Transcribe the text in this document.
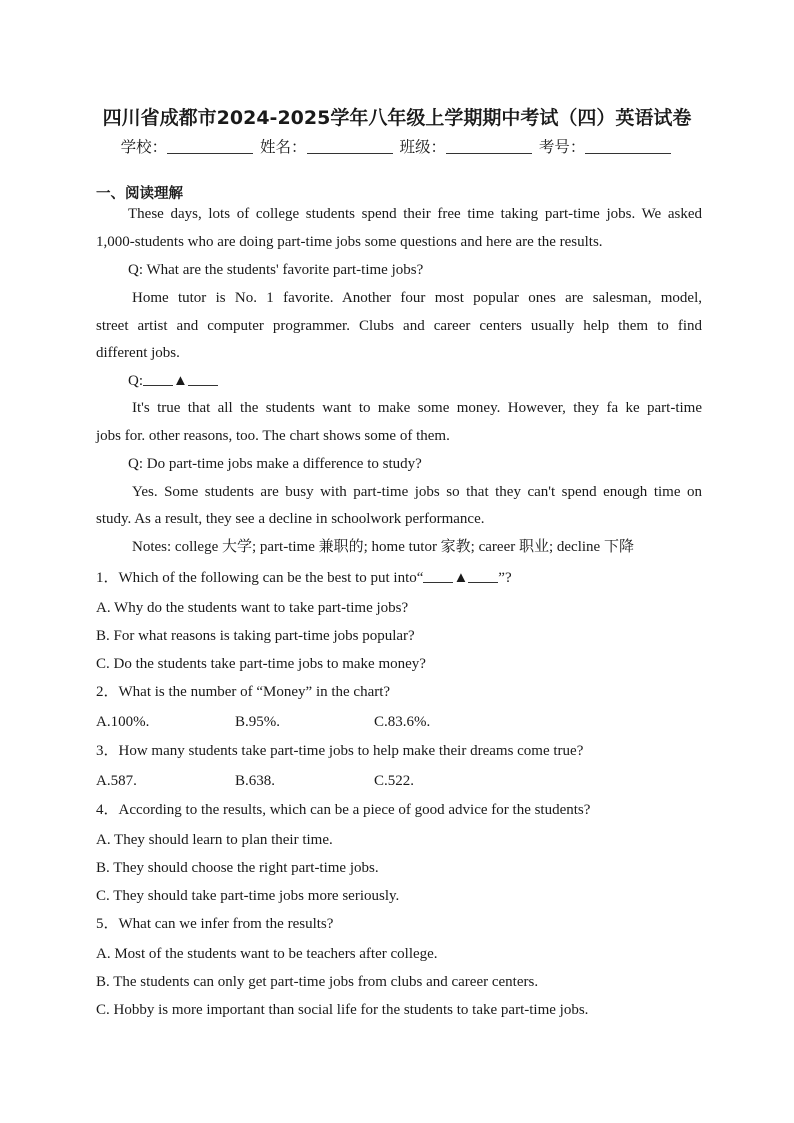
四川省成都市2024-2025学年八年级上学期期中考试（四）英语试卷
学校：	姓名：	班级：	考号：
一、阅读理解
These days, lots of college students spend their free time taking part-time jobs. We asked
1,000-students who are doing part-time jobs some questions and here are the results.
Q: What are the students' favorite part-time jobs?
Home tutor is No. 1 favorite. Another four most popular ones are salesman, model,
street artist and computer programmer. Clubs and career centers usually help them to find
different jobs.
Q: ▲
It's true that all the students want to make some money. However, they fa ke part-time
jobs for. other reasons, too. The chart shows some of them.
Q: Do part-time jobs make a difference to study?
Yes. Some students are busy with part-time jobs so that they can't spend enough time on
study. As a result, they see a decline in schoolwork performance.
Notes: college 大学; part-time 兼职的; home tutor 家教; career 职业; decline 下降
1．Which of the following can be the best to put into“ ▲ ”?
A. Why do the students want to take part-time jobs?
B. For what reasons is taking part-time jobs popular?
C. Do the students take part-time jobs to make money?
2．What is the number of “Money” in the chart?
A.100%.	B.95%.	C.83.6%.
3．How many students take part-time jobs to help make their dreams come true?
A.587.	B.638.	C.522.
4．According to the results, which can be a piece of good advice for the students?
A. They should learn to plan their time.
B. They should choose the right part-time jobs.
C. They should take part-time jobs more seriously.
5．What can we infer from the results?
A. Most of the students want to be teachers after college.
B. The students can only get part-time jobs from clubs and career centers.
C. Hobby is more important than social life for the students to take part-time jobs.
